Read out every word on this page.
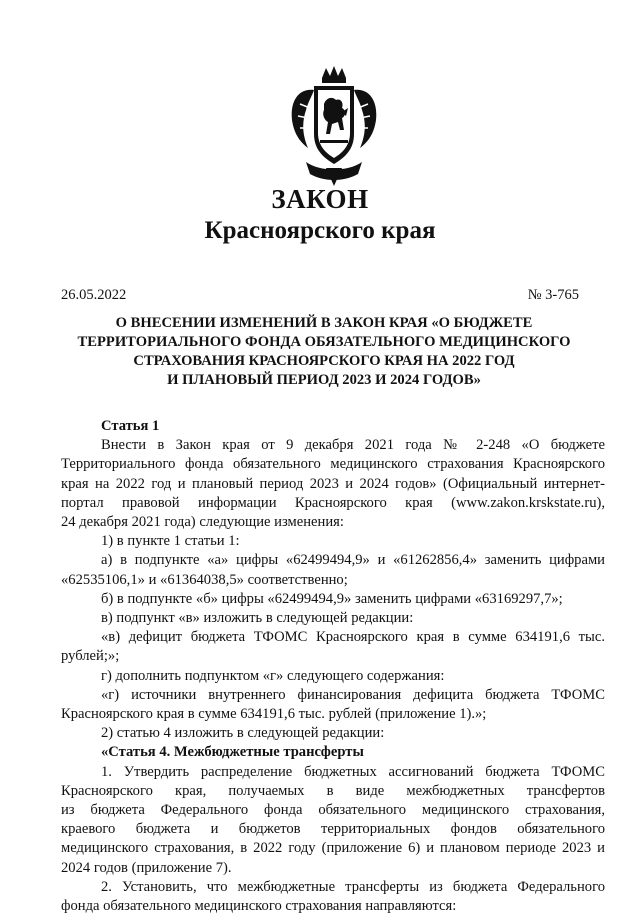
ЗАКОН
Красноярского края
26.05.2022	№ 3-765
О ВНЕСЕНИИ ИЗМЕНЕНИЙ В ЗАКОН КРАЯ «О БЮДЖЕТЕ
ТЕРРИТОРИАЛЬНОГО ФОНДА ОБЯЗАТЕЛЬНОГО МЕДИЦИНСКОГО
СТРАХОВАНИЯ КРАСНОЯРСКОГО КРАЯ НА 2022 ГОД
И ПЛАНОВЫЙ ПЕРИОД 2023 И 2024 ГОДОВ»
Статья 1
Внести в Закон края от 9 декабря 2021 года № 2-248 «О бюджете
Территориального фонда обязательного медицинского страхования Красноярского
края на 2022 год и плановый период 2023 и 2024 годов» (Официальный интернет-
портал правовой информации Красноярского края (www.zakon.krskstate.ru),
24 декабря 2021 года) следующие изменения:
1) в пункте 1 статьи 1:
а) в подпункте «а» цифры «62499494,9» и «61262856,4» заменить цифрами
«62535106,1» и «61364038,5» соответственно;
б) в подпункте «б» цифры «62499494,9» заменить цифрами «63169297,7»;
в) подпункт «в» изложить в следующей редакции:
«в) дефицит бюджета ТФОМС Красноярского края в сумме 634191,6 тыс.
рублей;»;
г) дополнить подпунктом «г» следующего содержания:
«г) источники внутреннего финансирования дефицита бюджета ТФОМС
Красноярского края в сумме 634191,6 тыс. рублей (приложение 1).»;
2) статью 4 изложить в следующей редакции:
«Статья 4. Межбюджетные трансферты
1. Утвердить распределение бюджетных ассигнований бюджета ТФОМС
Красноярского края, получаемых в виде межбюджетных трансфертов
из бюджета Федерального фонда обязательного медицинского страхования,
краевого бюджета и бюджетов территориальных фондов обязательного
медицинского страхования, в 2022 году (приложение 6) и плановом периоде 2023 и
2024 годов (приложение 7).
2. Установить, что межбюджетные трансферты из бюджета Федерального
фонда обязательного медицинского страхования направляются:
